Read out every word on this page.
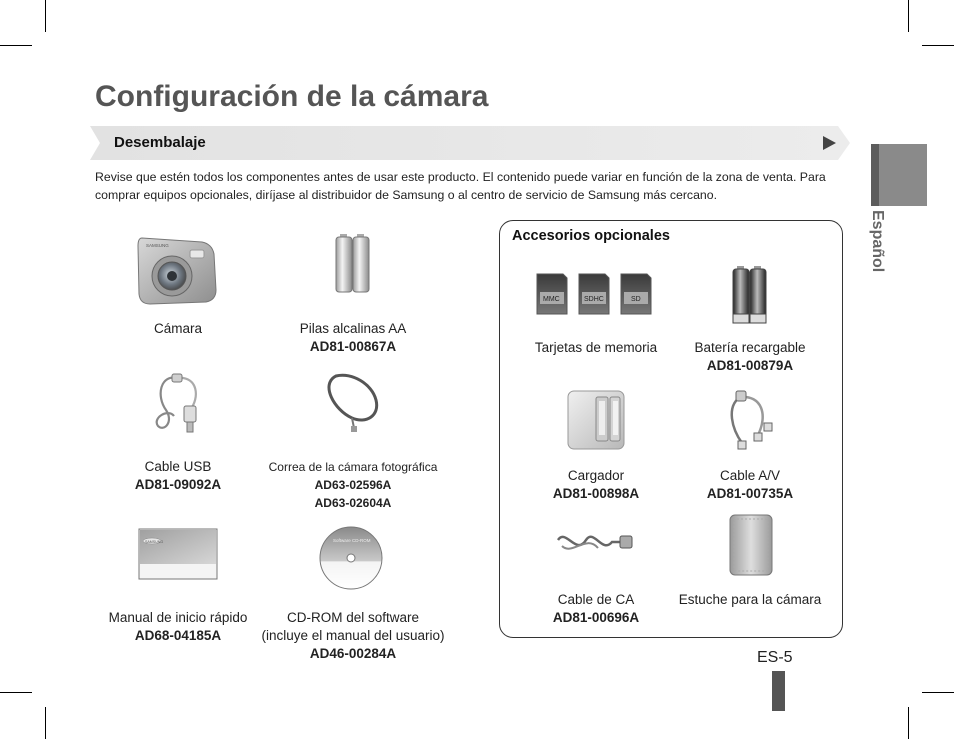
Configuración de la cámara
Desembalaje
Revise que estén todos los componentes antes de usar este producto. El contenido puede variar en función de la zona de venta. Para comprar equipos opcionales, diríjase al distribuidor de Samsung o al centro de servicio de Samsung más cercano.
Español
SAMSUNG
Cámara	Pilas alcalinas AA
AD81-00867A
Cable USB
AD81-09092A
Correa de la cámara fotográfica
AD63-02596A
AD63-02604A
SAMSUNG
Manual de inicio rápido
AD68-04185A
Software CD-ROM
CD-ROM del software
(incluye el manual del usuario)
AD46-00284A
Accesorios opcionales
MMC	SDHC	SD
Tarjetas de memoria	Batería recargable
AD81-00879A
Cargador
AD81-00898A
Cable A/V
AD81-00735A
Cable de CA
AD81-00696A
Estuche para la cámara
ES-5
